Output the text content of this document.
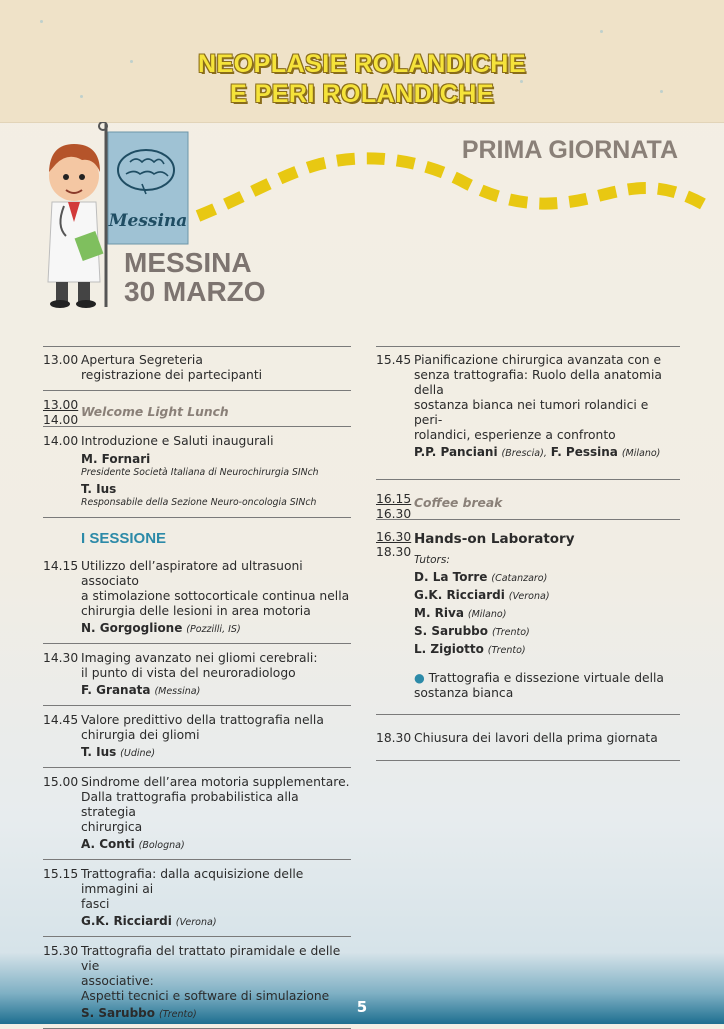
NEOPLASIE ROLANDICHE
E PERI ROLANDICHE
PRIMA GIORNATA
Messina
MESSINA
30 MARZO
13.00 Apertura Segreteria
registrazione dei partecipanti
13.00
14.00
Welcome Light Lunch
14.00 Introduzione e Saluti inaugurali
M. Fornari
Presidente Società Italiana di Neurochirurgia SINch
T. Ius
Responsabile della Sezione Neuro-oncologia SINch
I SESSIONE
14.15 Utilizzo dell’aspiratore ad ultrasuoni associato
a stimolazione sottocorticale continua nella
chirurgia delle lesioni in area motoria
N. Gorgoglione (Pozzilli, IS)
14.30 Imaging avanzato nei gliomi cerebrali:
il punto di vista del neuroradiologo
F. Granata (Messina)
14.45 Valore predittivo della trattografia nella
chirurgia dei gliomi
T. Ius (Udine)
15.00 Sindrome dell’area motoria supplementare.
Dalla trattografia probabilistica alla strategia
chirurgica
A. Conti (Bologna)
15.15 Trattografia: dalla acquisizione delle immagini ai
fasci
G.K. Ricciardi (Verona)
15.30 Trattografia del trattato piramidale e delle vie
associative:
Aspetti tecnici e software di simulazione
S. Sarubbo (Trento)
15.45 Pianificazione chirurgica avanzata con e
senza trattografia: Ruolo della anatomia della
sostanza bianca nei tumori rolandici e peri-
rolandici, esperienze a confronto
P.P. Panciani (Brescia), F. Pessina (Milano)
16.15
16.30
Coffee break
16.30
18.30
Hands-on Laboratory
Tutors:
D. La Torre (Catanzaro)
G.K. Ricciardi (Verona)
M. Riva (Milano)
S. Sarubbo (Trento)
L. Zigiotto (Trento)
● Trattografia e dissezione virtuale della
sostanza bianca
18.30 Chiusura dei lavori della prima giornata
5
